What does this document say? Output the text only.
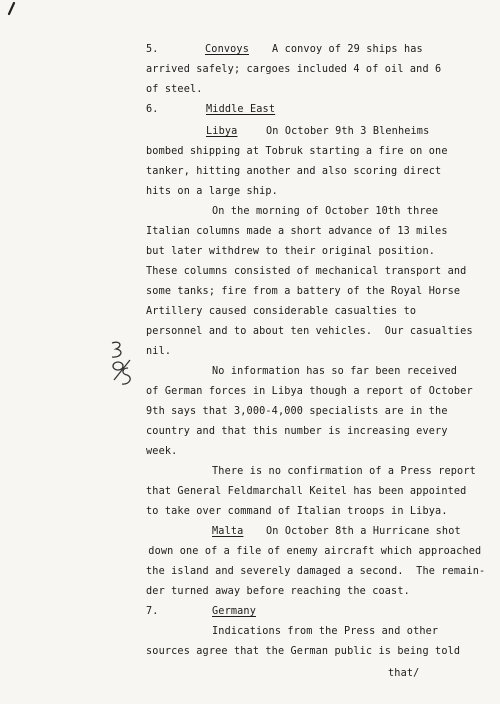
5.	Convoys A convoy of 29 ships has
arrived safely; cargoes included 4 of oil and 6
of steel.
6.	Middle East
Libya	On October 9th 3 Blenheims
bombed shipping at Tobruk starting a fire on one
tanker, hitting another and also scoring direct
hits on a large ship.
On the morning of October 10th three
Italian columns made a short advance of 13 miles
but later withdrew to their original position.
These columns consisted of mechanical transport and
some tanks; fire from a battery of the Royal Horse
Artillery caused considerable casualties to
personnel and to about ten vehicles.  Our casualties
nil.
No information has so far been received
of German forces in Libya though a report of October
9th says that 3,000-4,000 specialists are in the
country and that this number is increasing every
week.
There is no confirmation of a Press report
that General Feldmarchall Keitel has been appointed
to take over command of Italian troops in Libya.
Malta On October 8th a Hurricane shot
down one of a file of enemy aircraft which approached
the island and severely damaged a second.  The remain-
der turned away before reaching the coast.
7.	Germany
Indications from the Press and other
sources agree that the German public is being told
that/
